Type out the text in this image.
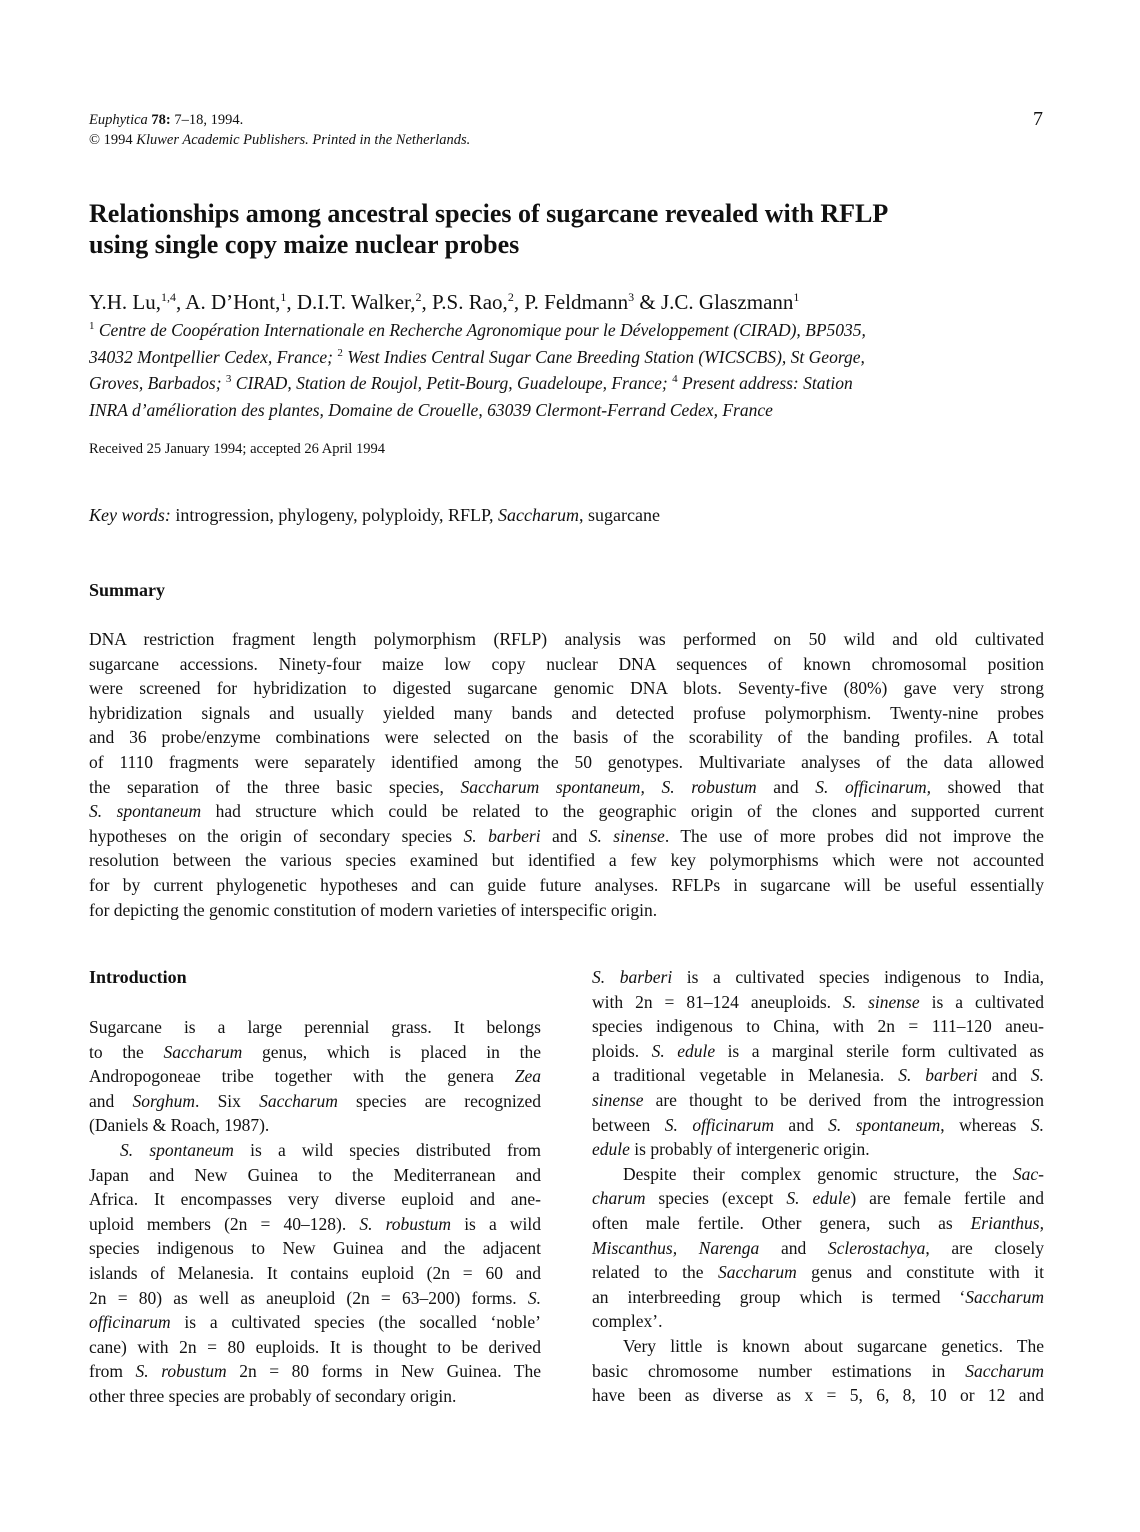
Euphytica 78: 7–18, 1994.
© 1994 Kluwer Academic Publishers. Printed in the Netherlands.
7
Relationships among ancestral species of sugarcane revealed with RFLP
using single copy maize nuclear probes
Y.H. Lu,$^{1,4}$, A. D’Hont,$^1$, D.I.T. Walker,$^2$, P.S. Rao,$^2$, P. Feldmann$^3$ & J.C. Glaszmann$^1$
$^1$ Centre de Coopération Internationale en Recherche Agronomique pour le Développement (CIRAD), BP5035,
34032 Montpellier Cedex, France; $^2$ West Indies Central Sugar Cane Breeding Station (WICSCBS), St George,
Groves, Barbados; $^3$ CIRAD, Station de Roujol, Petit-Bourg, Guadeloupe, France; $^4$ Present address: Station
INRA d’amélioration des plantes, Domaine de Crouelle, 63039 Clermont-Ferrand Cedex, France
Received 25 January 1994; accepted 26 April 1994
Key words: introgression, phylogeny, polyploidy, RFLP, Saccharum, sugarcane
Summary
DNA restriction fragment length polymorphism (RFLP) analysis was performed on 50 wild and old cultivated
sugarcane accessions. Ninety-four maize low copy nuclear DNA sequences of known chromosomal position
were screened for hybridization to digested sugarcane genomic DNA blots. Seventy-five (80%) gave very strong
hybridization signals and usually yielded many bands and detected profuse polymorphism. Twenty-nine probes
and 36 probe/enzyme combinations were selected on the basis of the scorability of the banding profiles. A total
of 1110 fragments were separately identified among the 50 genotypes. Multivariate analyses of the data allowed
the separation of the three basic species, Saccharum spontaneum, S. robustum and S. officinarum, showed that
S. spontaneum had structure which could be related to the geographic origin of the clones and supported current
hypotheses on the origin of secondary species S. barberi and S. sinense. The use of more probes did not improve the
resolution between the various species examined but identified a few key polymorphisms which were not accounted
for by current phylogenetic hypotheses and can guide future analyses. RFLPs in sugarcane will be useful essentially
for depicting the genomic constitution of modern varieties of interspecific origin.
Introduction
Sugarcane is a large perennial grass. It belongs
to the Saccharum genus, which is placed in the
Andropogoneae tribe together with the genera Zea
and Sorghum. Six Saccharum species are recognized
(Daniels & Roach, 1987).
S. spontaneum is a wild species distributed from
Japan and New Guinea to the Mediterranean and
Africa. It encompasses very diverse euploid and ane-
uploid members (2n = 40–128). S. robustum is a wild
species indigenous to New Guinea and the adjacent
islands of Melanesia. It contains euploid (2n = 60 and
2n = 80) as well as aneuploid (2n = 63–200) forms. S.
officinarum is a cultivated species (the socalled ‘noble’
cane) with 2n = 80 euploids. It is thought to be derived
from S. robustum 2n = 80 forms in New Guinea. The
other three species are probably of secondary origin.
S. barberi is a cultivated species indigenous to India,
with 2n = 81–124 aneuploids. S. sinense is a cultivated
species indigenous to China, with 2n = 111–120 aneu-
ploids. S. edule is a marginal sterile form cultivated as
a traditional vegetable in Melanesia. S. barberi and S.
sinense are thought to be derived from the introgression
between S. officinarum and S. spontaneum, whereas S.
edule is probably of intergeneric origin.
Despite their complex genomic structure, the Sac-
charum species (except S. edule) are female fertile and
often male fertile. Other genera, such as Erianthus,
Miscanthus, Narenga and Sclerostachya, are closely
related to the Saccharum genus and constitute with it
an interbreeding group which is termed ‘Saccharum
complex’.
Very little is known about sugarcane genetics. The
basic chromosome number estimations in Saccharum
have been as diverse as x = 5, 6, 8, 10 or 12 and
